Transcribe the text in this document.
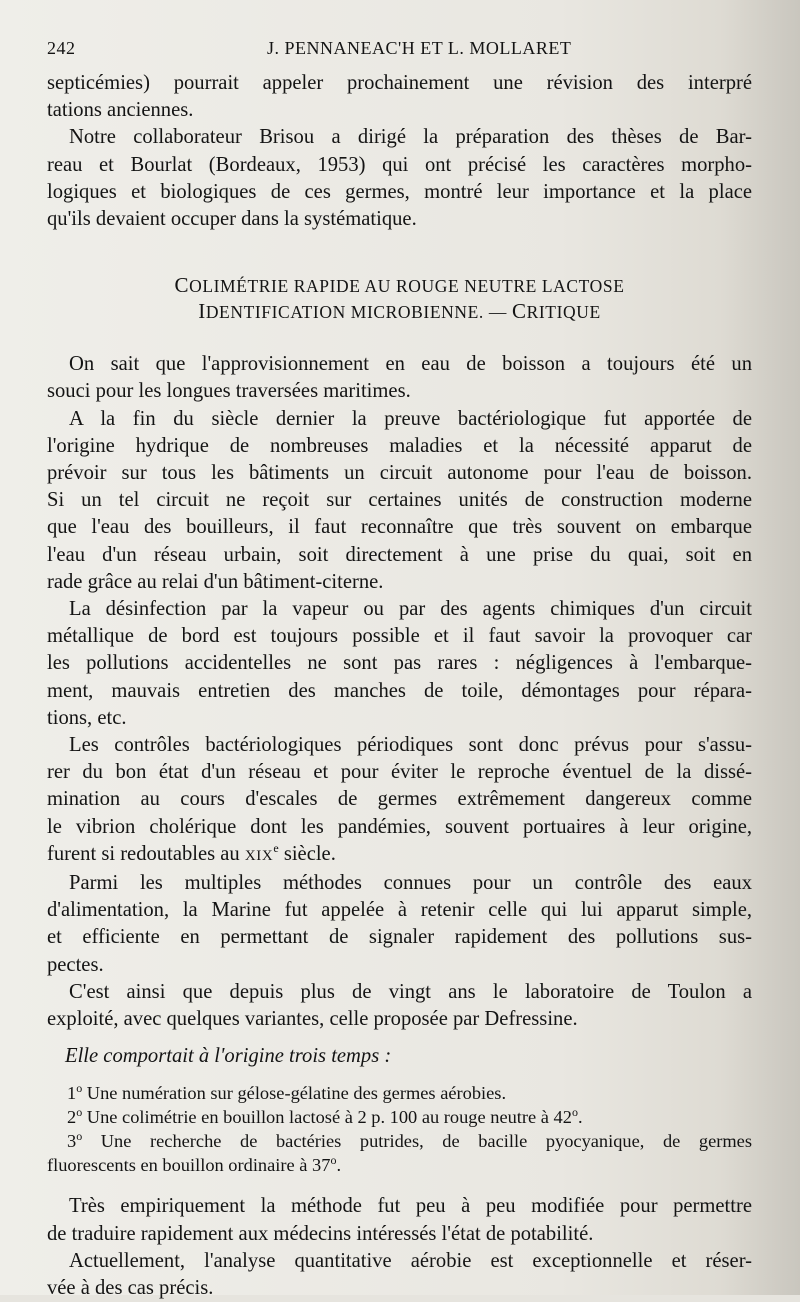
242	J. PENNANEAC'H ET L. MOLLARET

septicémies) pourrait appeler prochainement une révision des interpré

tations anciennes.

Notre collaborateur Brisou a dirigé la préparation des thèses de Bar-

reau et Bourlat (Bordeaux, 1953) qui ont précisé les caractères morpho-

logiques et biologiques de ces germes, montré leur importance et la place

qu'ils devaient occuper dans la systématique.

COLIMÉTRIE RAPIDE AU ROUGE NEUTRE LACTOSE
IDENTIFICATION MICROBIENNE. — CRITIQUE

On sait que l'approvisionnement en eau de boisson a toujours été un

souci pour les longues traversées maritimes.

A la fin du siècle dernier la preuve bactériologique fut apportée de

l'origine hydrique de nombreuses maladies et la nécessité apparut de

prévoir sur tous les bâtiments un circuit autonome pour l'eau de boisson.

Si un tel circuit ne reçoit sur certaines unités de construction moderne

que l'eau des bouilleurs, il faut reconnaître que très souvent on embarque

l'eau d'un réseau urbain, soit directement à une prise du quai, soit en

rade grâce au relai d'un bâtiment-citerne.

La désinfection par la vapeur ou par des agents chimiques d'un circuit

métallique de bord est toujours possible et il faut savoir la provoquer car

les pollutions accidentelles ne sont pas rares : négligences à l'embarque-

ment, mauvais entretien des manches de toile, démontages pour répara-

tions, etc.

Les contrôles bactériologiques périodiques sont donc prévus pour s'assu-

rer du bon état d'un réseau et pour éviter le reproche éventuel de la dissé-

mination au cours d'escales de germes extrêmement dangereux comme

le vibrion cholérique dont les pandémies, souvent portuaires à leur origine,

furent si redoutables au XIXe siècle.

Parmi les multiples méthodes connues pour un contrôle des eaux

d'alimentation, la Marine fut appelée à retenir celle qui lui apparut simple,

et efficiente en permettant de signaler rapidement des pollutions sus-

pectes.

C'est ainsi que depuis plus de vingt ans le laboratoire de Toulon a

exploité, avec quelques variantes, celle proposée par Defressine.

Elle comportait à l'origine trois temps :
1$^o$ Une numération sur gélose-gélatine des germes aérobies.
2$^o$ Une colimétrie en bouillon lactosé à 2 p. 100 au rouge neutre à 42$^o$.
3$^o$ Une recherche de bactéries putrides, de bacille pyocyanique, de germes
fluorescents en bouillon ordinaire à 37$^o$.

Très empiriquement la méthode fut peu à peu modifiée pour permettre

de traduire rapidement aux médecins intéressés l'état de potabilité.

Actuellement, l'analyse quantitative aérobie est exceptionnelle et réser-

vée à des cas précis.
